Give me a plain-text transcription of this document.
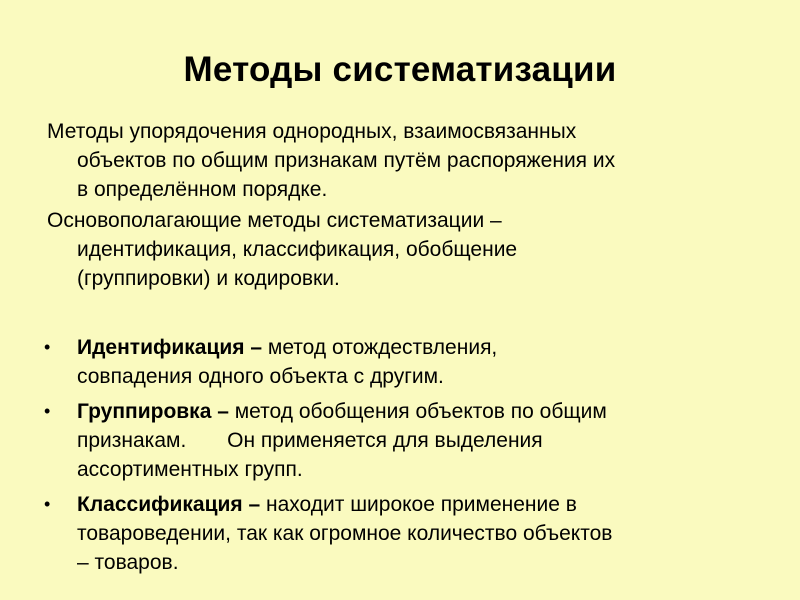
Методы систематизации
Методы упорядочения однородных, взаимосвязанных
объектов по общим признакам путём распоряжения их
в определённом порядке.
Основополагающие методы систематизации –
идентификация, классификация, обобщение
(группировки) и кодировки.
• Идентификация – метод отождествления,
совпадения одного объекта с другим.
• Группировка – метод обобщения объектов по общим
признакам.       Он применяется для выделения
ассортиментных групп.
• Классификация – находит широкое применение в
товароведении, так как огромное количество объектов
– товаров.
